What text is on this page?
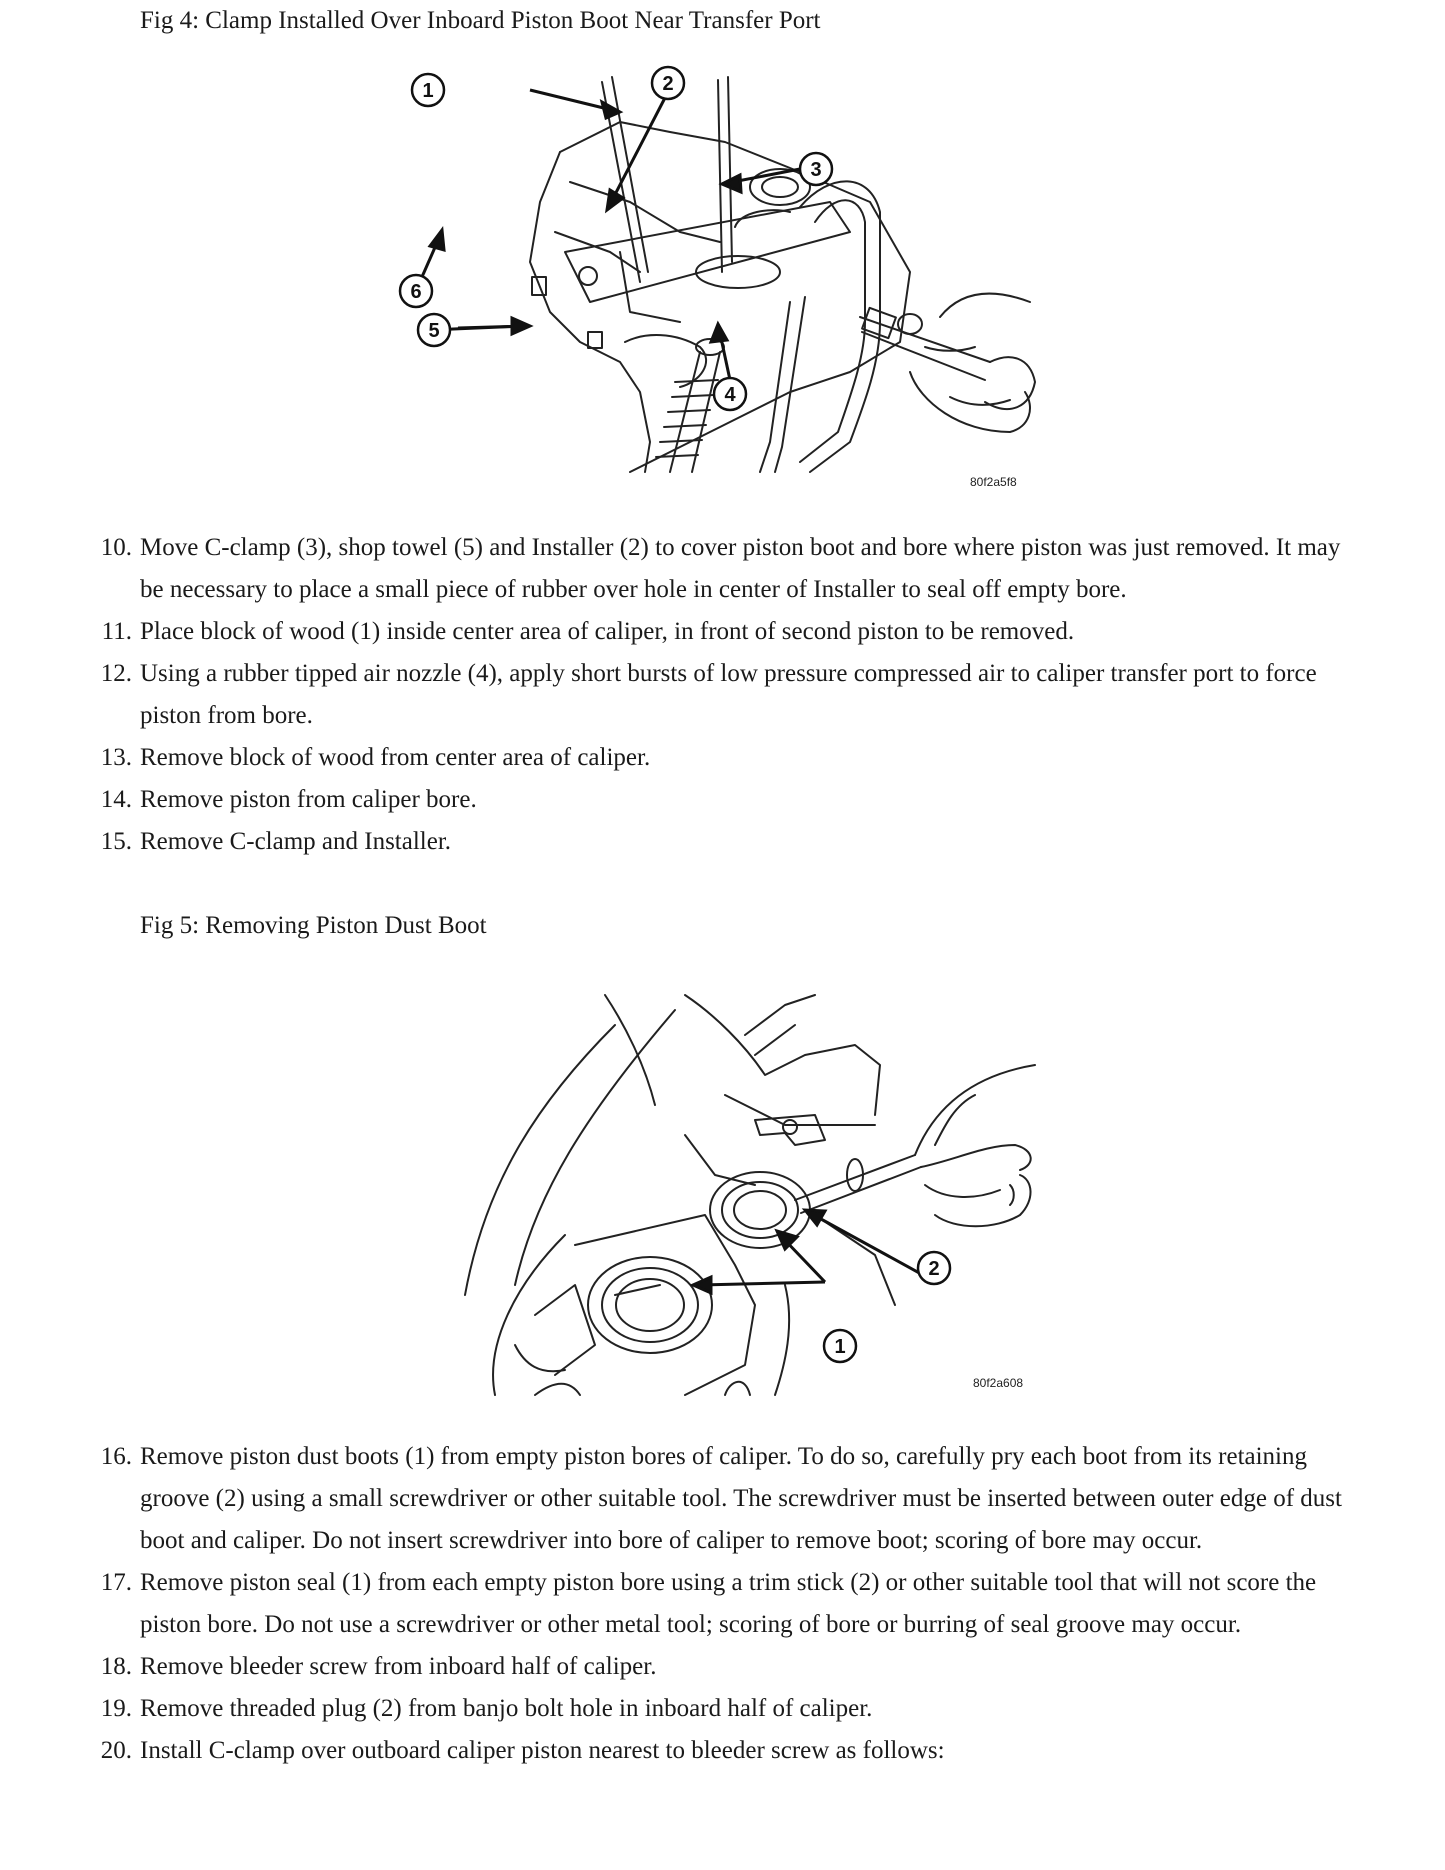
Fig 4: Clamp Installed Over Inboard Piston Boot Near Transfer Port
1	2
3
4
5
6
80f2a5f8
10. Move C-clamp (3), shop towel (5) and Installer (2) to cover piston boot and bore where piston was just removed. It may be necessary to place a small piece of rubber over hole in center of Installer to seal off empty bore.
11. Place block of wood (1) inside center area of caliper, in front of second piston to be removed.
12. Using a rubber tipped air nozzle (4), apply short bursts of low pressure compressed air to caliper transfer port to force piston from bore.
13. Remove block of wood from center area of caliper.
14. Remove piston from caliper bore.
15. Remove C-clamp and Installer.
Fig 5: Removing Piston Dust Boot
1
2
80f2a608
16. Remove piston dust boots (1) from empty piston bores of caliper. To do so, carefully pry each boot from its retaining groove (2) using a small screwdriver or other suitable tool. The screwdriver must be inserted between outer edge of dust boot and caliper. Do not insert screwdriver into bore of caliper to remove boot; scoring of bore may occur.
17. Remove piston seal (1) from each empty piston bore using a trim stick (2) or other suitable tool that will not score the piston bore. Do not use a screwdriver or other metal tool; scoring of bore or burring of seal groove may occur.
18. Remove bleeder screw from inboard half of caliper.
19. Remove threaded plug (2) from banjo bolt hole in inboard half of caliper.
20. Install C-clamp over outboard caliper piston nearest to bleeder screw as follows:
